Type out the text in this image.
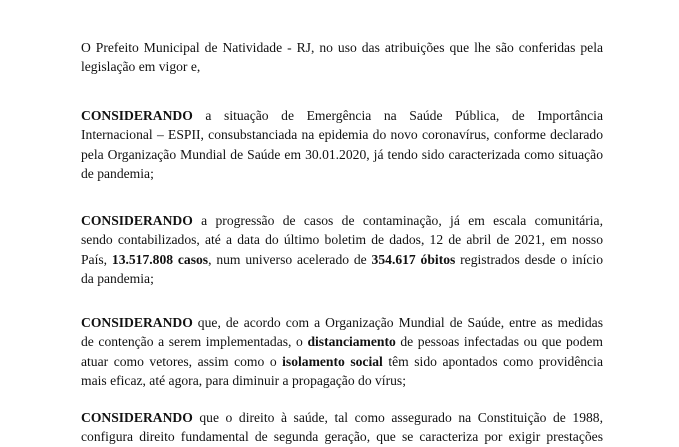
O Prefeito Municipal de Natividade - RJ, no uso das atribuições que lhe são conferidas pela
legislação em vigor e,

CONSIDERANDO a situação de Emergência na Saúde Pública, de Importância
Internacional – ESPII, consubstanciada na epidemia do novo coronavírus, conforme declarado
pela Organização Mundial de Saúde em 30.01.2020, já tendo sido caracterizada como situação
de pandemia;

CONSIDERANDO a progressão de casos de contaminação, já em escala comunitária,
sendo contabilizados, até a data do último boletim de dados, 12 de abril de 2021, em nosso
País, 13.517.808 casos, num universo acelerado de 354.617 óbitos registrados desde o início
da pandemia;

CONSIDERANDO que, de acordo com a Organização Mundial de Saúde, entre as medidas
de contenção a serem implementadas, o distanciamento de pessoas infectadas ou que podem
atuar como vetores, assim como o isolamento social têm sido apontados como providência
mais eficaz, até agora, para diminuir a propagação do vírus;

CONSIDERANDO que o direito à saúde, tal como assegurado na Constituição de 1988,
configura direito fundamental de segunda geração, que se caracteriza por exigir prestações
